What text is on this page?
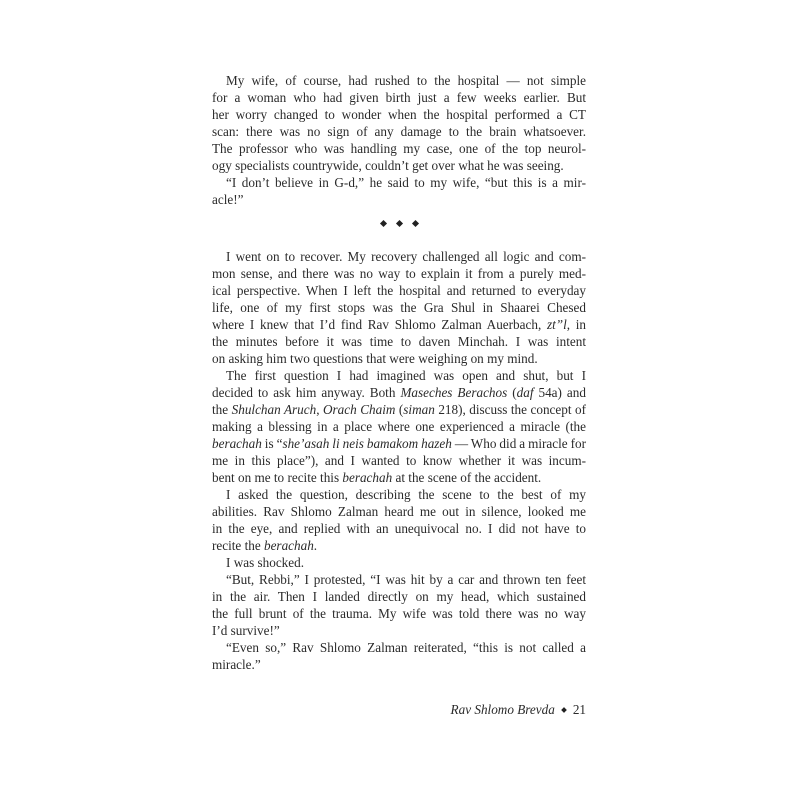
My wife, of course, had rushed to the hospital — not simple
for a woman who had given birth just a few weeks earlier. But
her worry changed to wonder when the hospital performed a CT
scan: there was no sign of any damage to the brain whatsoever.
The professor who was handling my case, one of the top neurol-
ogy specialists countrywide, couldn’t get over what he was seeing.
“I don’t believe in G-d,” he said to my wife, “but this is a mir-
acle!”
I went on to recover. My recovery challenged all logic and com-
mon sense, and there was no way to explain it from a purely med-
ical perspective. When I left the hospital and returned to everyday
life, one of my first stops was the Gra Shul in Shaarei Chesed
where I knew that I’d find Rav Shlomo Zalman Auerbach, zt”l, in
the minutes before it was time to daven Minchah. I was intent
on asking him two questions that were weighing on my mind.
The first question I had imagined was open and shut, but I
decided to ask him anyway. Both Maseches Berachos (daf 54a) and
the Shulchan Aruch, Orach Chaim (siman 218), discuss the concept of
making a blessing in a place where one experienced a miracle (the
berachah is “she’asah li neis bamakom hazeh — Who did a miracle for
me in this place”), and I wanted to know whether it was incum-
bent on me to recite this berachah at the scene of the accident.
I asked the question, describing the scene to the best of my
abilities. Rav Shlomo Zalman heard me out in silence, looked me
in the eye, and replied with an unequivocal no. I did not have to
recite the berachah.
I was shocked.
“But, Rebbi,” I protested, “I was hit by a car and thrown ten feet
in the air. Then I landed directly on my head, which sustained
the full brunt of the trauma. My wife was told there was no way
I’d survive!”
“Even so,” Rav Shlomo Zalman reiterated, “this is not called a
miracle.”
Rav Shlomo Brevda 21
